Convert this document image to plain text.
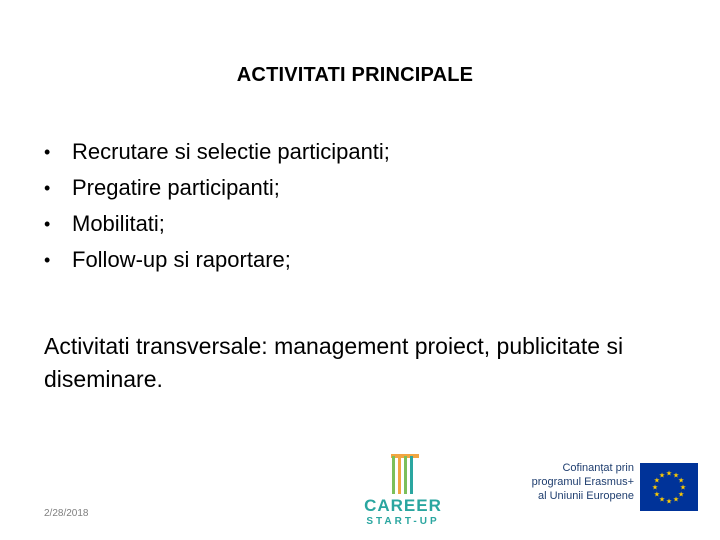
ACTIVITATI PRINCIPALE
• Recrutare si selectie participanti;
• Pregatire participanti;
• Mobilitati;
• Follow-up si raportare;
Activitati transversale: management proiect, publicitate si diseminare.
2/28/2018	CAREER
START-UP
Cofinanțat prin
programul Erasmus+
al Uniunii Europene
★ ★
★
★
★
★
★
★
★
★
★
★
